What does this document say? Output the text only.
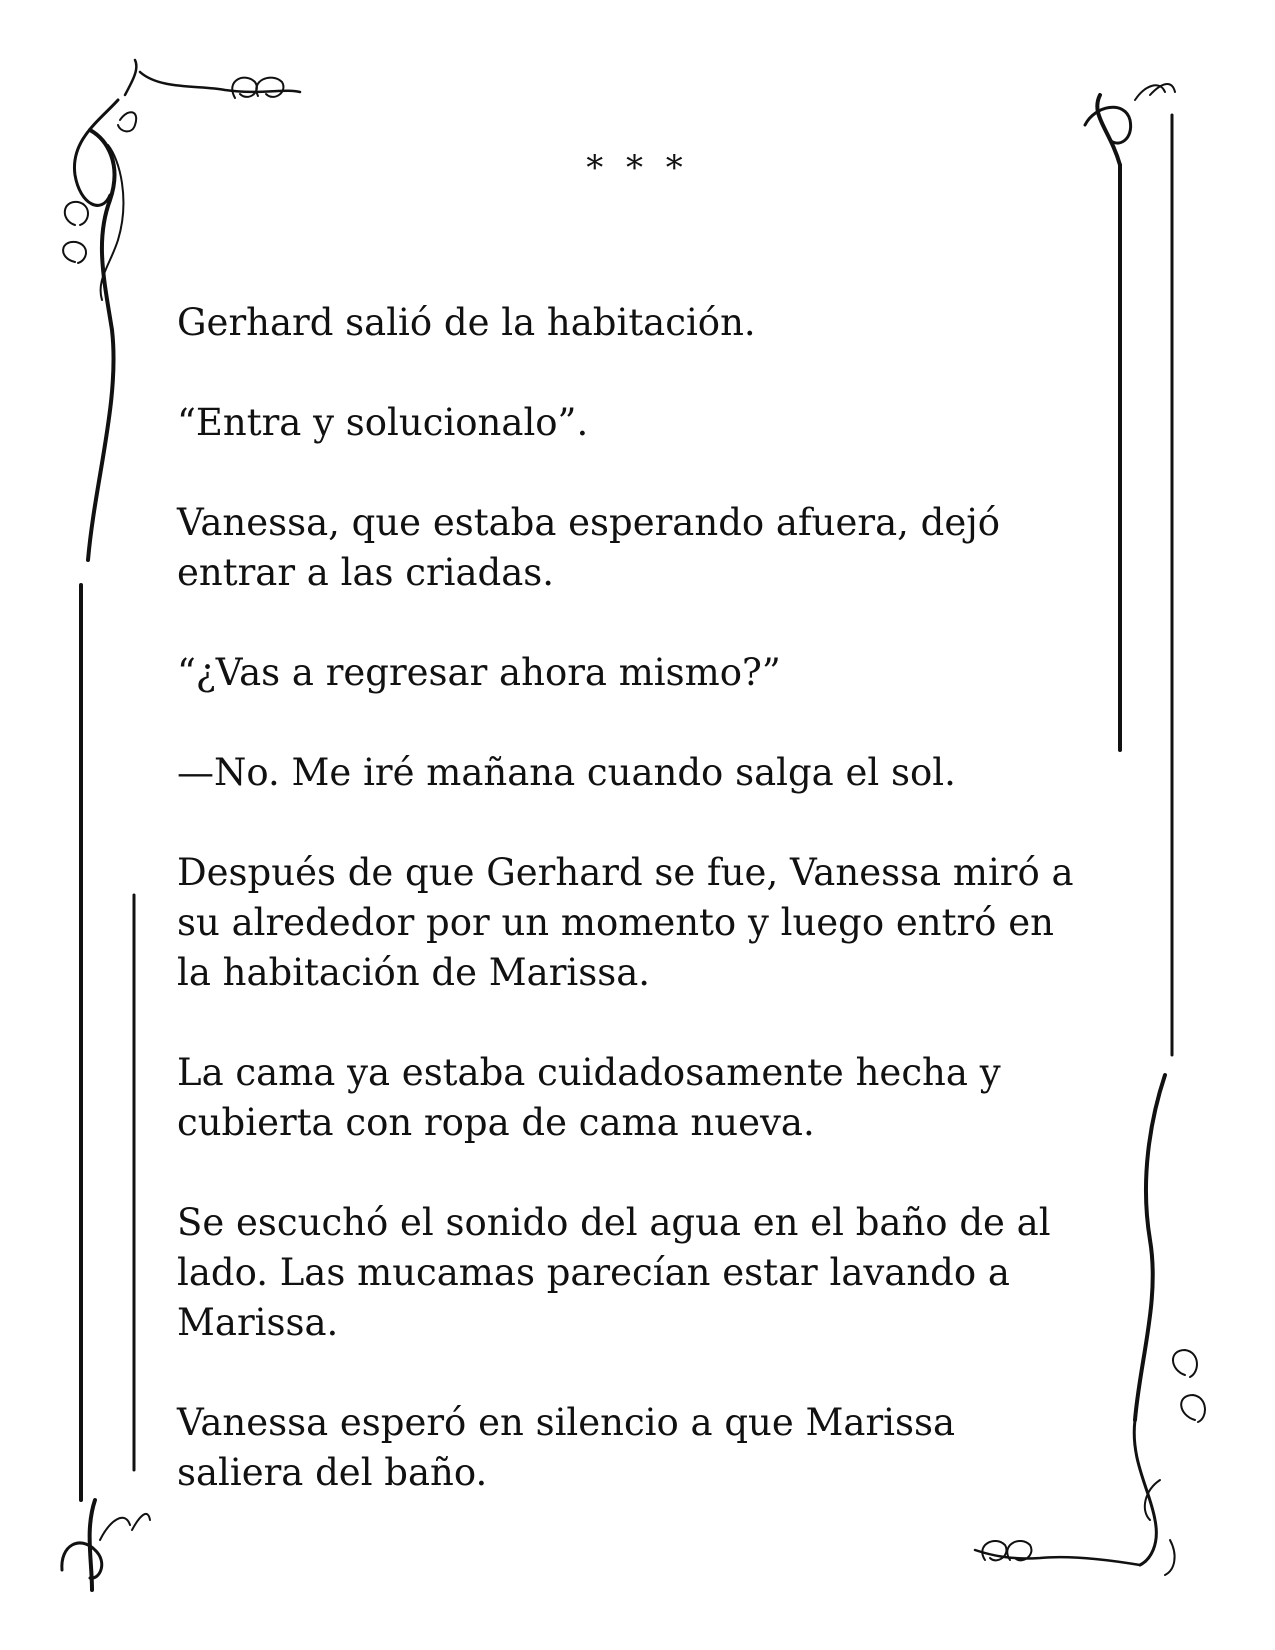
* * *

Gerhard salió de la habitación.

“Entra y solucionalo”.

Vanessa, que estaba esperando afuera, dejó
entrar a las criadas.

“¿Vas a regresar ahora mismo?”

—No. Me iré mañana cuando salga el sol.

Después de que Gerhard se fue, Vanessa miró a
su alrededor por un momento y luego entró en
la habitación de Marissa.

La cama ya estaba cuidadosamente hecha y
cubierta con ropa de cama nueva.

Se escuchó el sonido del agua en el baño de al
lado. Las mucamas parecían estar lavando a
Marissa.

Vanessa esperó en silencio a que Marissa
saliera del baño.
